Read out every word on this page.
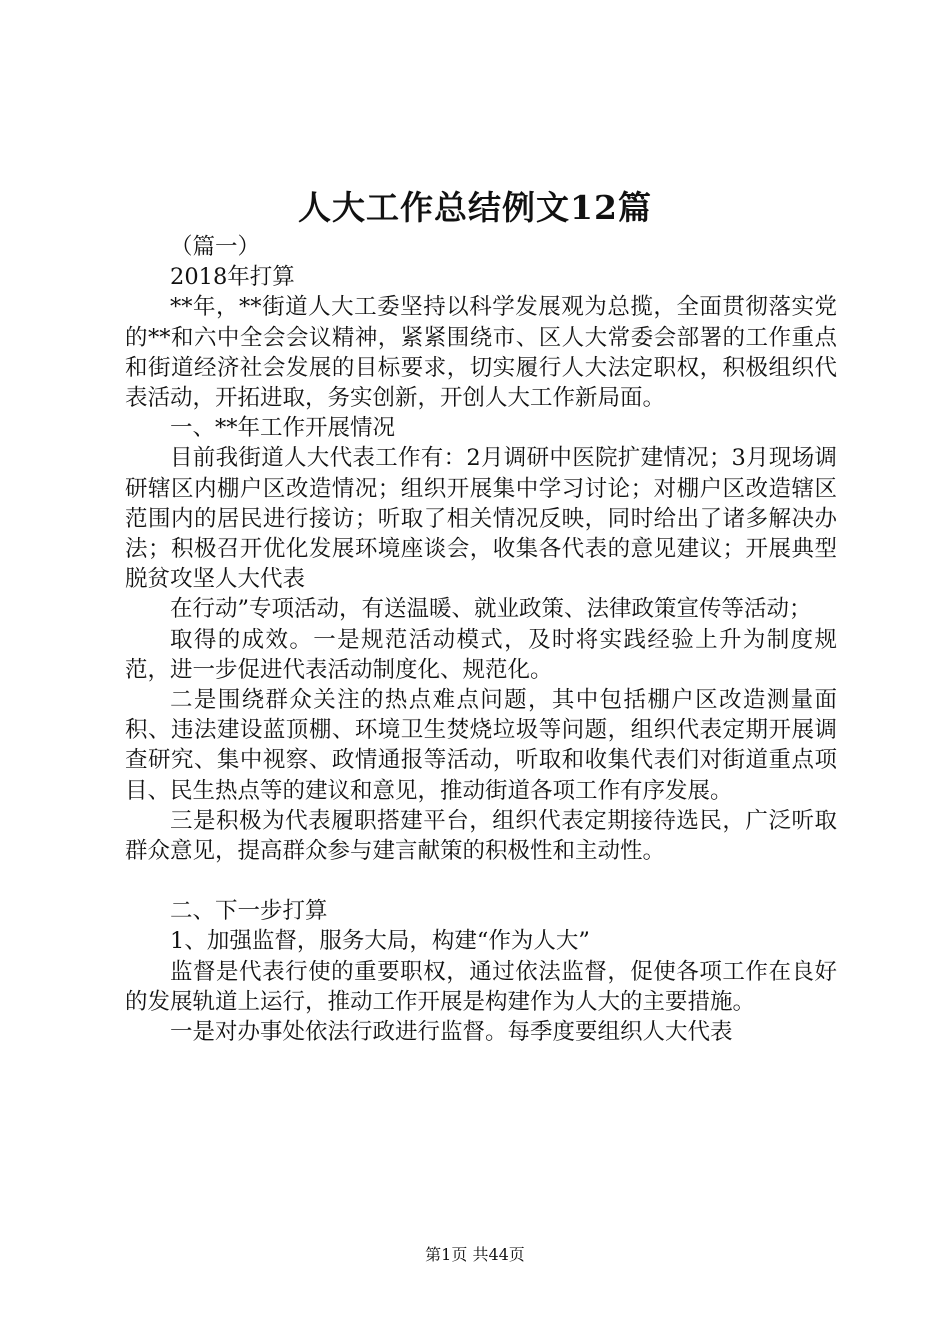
人大工作总结例文12篇

（篇一）

2018年打算

**年，**街道人大工委坚持以科学发展观为总揽，全面贯彻落实党的**和六中全会会议精神，紧紧围绕市、区人大常委会部署的工作重点和街道经济社会发展的目标要求，切实履行人大法定职权，积极组织代表活动，开拓进取，务实创新，开创人大工作新局面。

一、**年工作开展情况

目前我街道人大代表工作有：2月调研中医院扩建情况；3月现场调研辖区内棚户区改造情况；组织开展集中学习讨论；对棚户区改造辖区范围内的居民进行接访；听取了相关情况反映，同时给出了诸多解决办法；积极召开优化发展环境座谈会，收集各代表的意见建议；开展典型脱贫攻坚人大代表

在行动”专项活动，有送温暖、就业政策、法律政策宣传等活动；

取得的成效。一是规范活动模式，及时将实践经验上升为制度规范，进一步促进代表活动制度化、规范化。

二是围绕群众关注的热点难点问题，其中包括棚户区改造测量面积、违法建设蓝顶棚、环境卫生焚烧垃圾等问题，组织代表定期开展调查研究、集中视察、政情通报等活动，听取和收集代表们对街道重点项目、民生热点等的建议和意见，推动街道各项工作有序发展。

三是积极为代表履职搭建平台，组织代表定期接待选民，广泛听取群众意见，提高群众参与建言献策的积极性和主动性。

二、下一步打算

1、加强监督，服务大局，构建“作为人大”

监督是代表行使的重要职权，通过依法监督，促使各项工作在良好的发展轨道上运行，推动工作开展是构建作为人大的主要措施。

一是对办事处依法行政进行监督。每季度要组织人大代表

第1页 共44页
